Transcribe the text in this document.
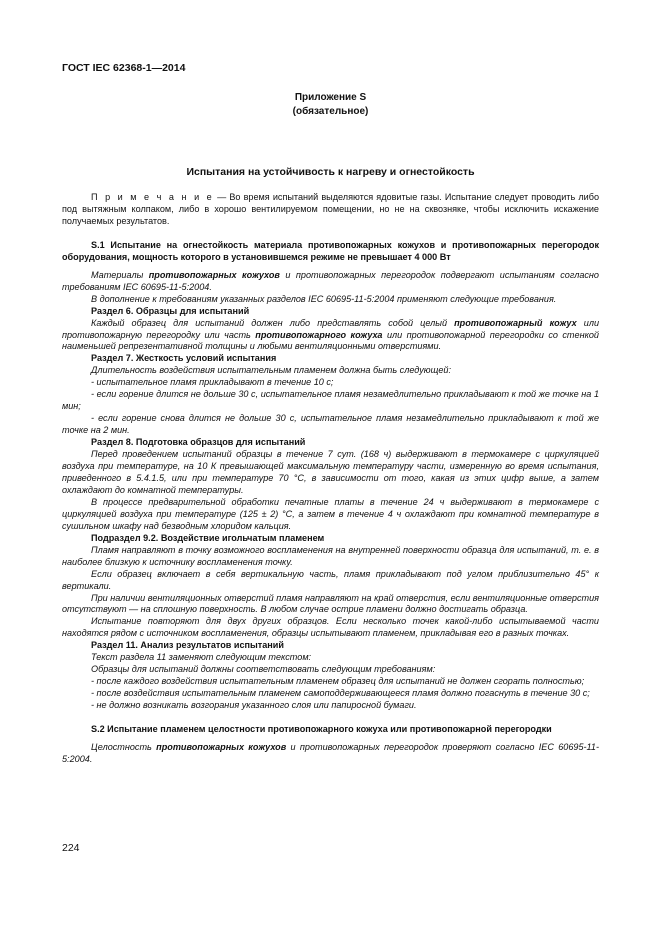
ГОСТ IEC 62368-1—2014
Приложение S
(обязательное)
Испытания на устойчивость к нагреву и огнестойкость

П р и м е ч а н и е — Во время испытаний выделяются ядовитые газы. Испытание следует проводить либо под вытяжным колпаком, либо в хорошо вентилируемом помещении, но не на сквозняке, чтобы исключить искажение получаемых результатов.

S.1 Испытание на огнестойкость материала противопожарных кожухов и противопожарных перегородок оборудования, мощность которого в установившемся режиме не превышает 4 000 Вт

Материалы противопожарных кожухов и противопожарных перегородок подвергают испытаниям согласно требованиям IEC 60695-11-5:2004.

В дополнение к требованиям указанных разделов IEC 60695-11-5:2004 применяют следующие требования.

Раздел 6. Образцы для испытаний

Каждый образец для испытаний должен либо представлять собой целый противопожарный кожух или противопожарную перегородку или часть противопожарного кожуха или противопожарной перегородки со стенкой наименьшей репрезентативной толщины и любыми вентиляционными отверстиями.

Раздел 7. Жесткость условий испытания

Длительность воздействия испытательным пламенем должна быть следующей:

- испытательное пламя прикладывают в течение 10 с;

- если горение длится не дольше 30 с, испытательное пламя незамедлительно прикладывают к той же точке на 1 мин;

- если горение снова длится не дольше 30 с, испытательное пламя незамедлительно прикладывают к той же точке на 2 мин.

Раздел 8. Подготовка образцов для испытаний

Перед проведением испытаний образцы в течение 7 сут. (168 ч) выдерживают в термокамере с циркуляцией воздуха при температуре, на 10 К превышающей максимальную температуру части, измеренную во время испытания, приведенного в 5.4.1.5, или при температуре 70 °С, в зависимости от того, какая из этих цифр выше, а затем охлаждают до комнатной температуры.

В процессе предварительной обработки печатные платы в течение 24 ч выдерживают в термокамере с циркуляцией воздуха при температуре (125 ± 2) °С, а затем в течение 4 ч охлаждают при комнатной температуре в сушильном шкафу над безводным хлоридом кальция.

Подраздел 9.2. Воздействие игольчатым пламенем

Пламя направляют в точку возможного воспламенения на внутренней поверхности образца для испытаний, т. е. в наиболее близкую к источнику воспламенения точку.

Если образец включает в себя вертикальную часть, пламя прикладывают под углом приблизительно 45° к вертикали.

При наличии вентиляционных отверстий пламя направляют на край отверстия, если вентиляционные отверстия отсутствуют — на сплошную поверхность. В любом случае острие пламени должно достигать образца.

Испытание повторяют для двух других образцов. Если несколько точек какой-либо испытываемой части находятся рядом с источником воспламенения, образцы испытывают пламенем, прикладывая его в разных точках.

Раздел 11. Анализ результатов испытаний

Текст раздела 11 заменяют следующим текстом:

Образцы для испытаний должны соответствовать следующим требованиям:

- после каждого воздействия испытательным пламенем образец для испытаний не должен сгорать полностью;

- после воздействия испытательным пламенем самоподдерживающееся пламя должно погаснуть в течение 30 с;

- не должно возникать возгорания указанного слоя или папиросной бумаги.

S.2 Испытание пламенем целостности противопожарного кожуха или противопожарной перегородки

Целостность противопожарных кожухов и противопожарных перегородок проверяют согласно IEC 60695-11-5:2004.

224
